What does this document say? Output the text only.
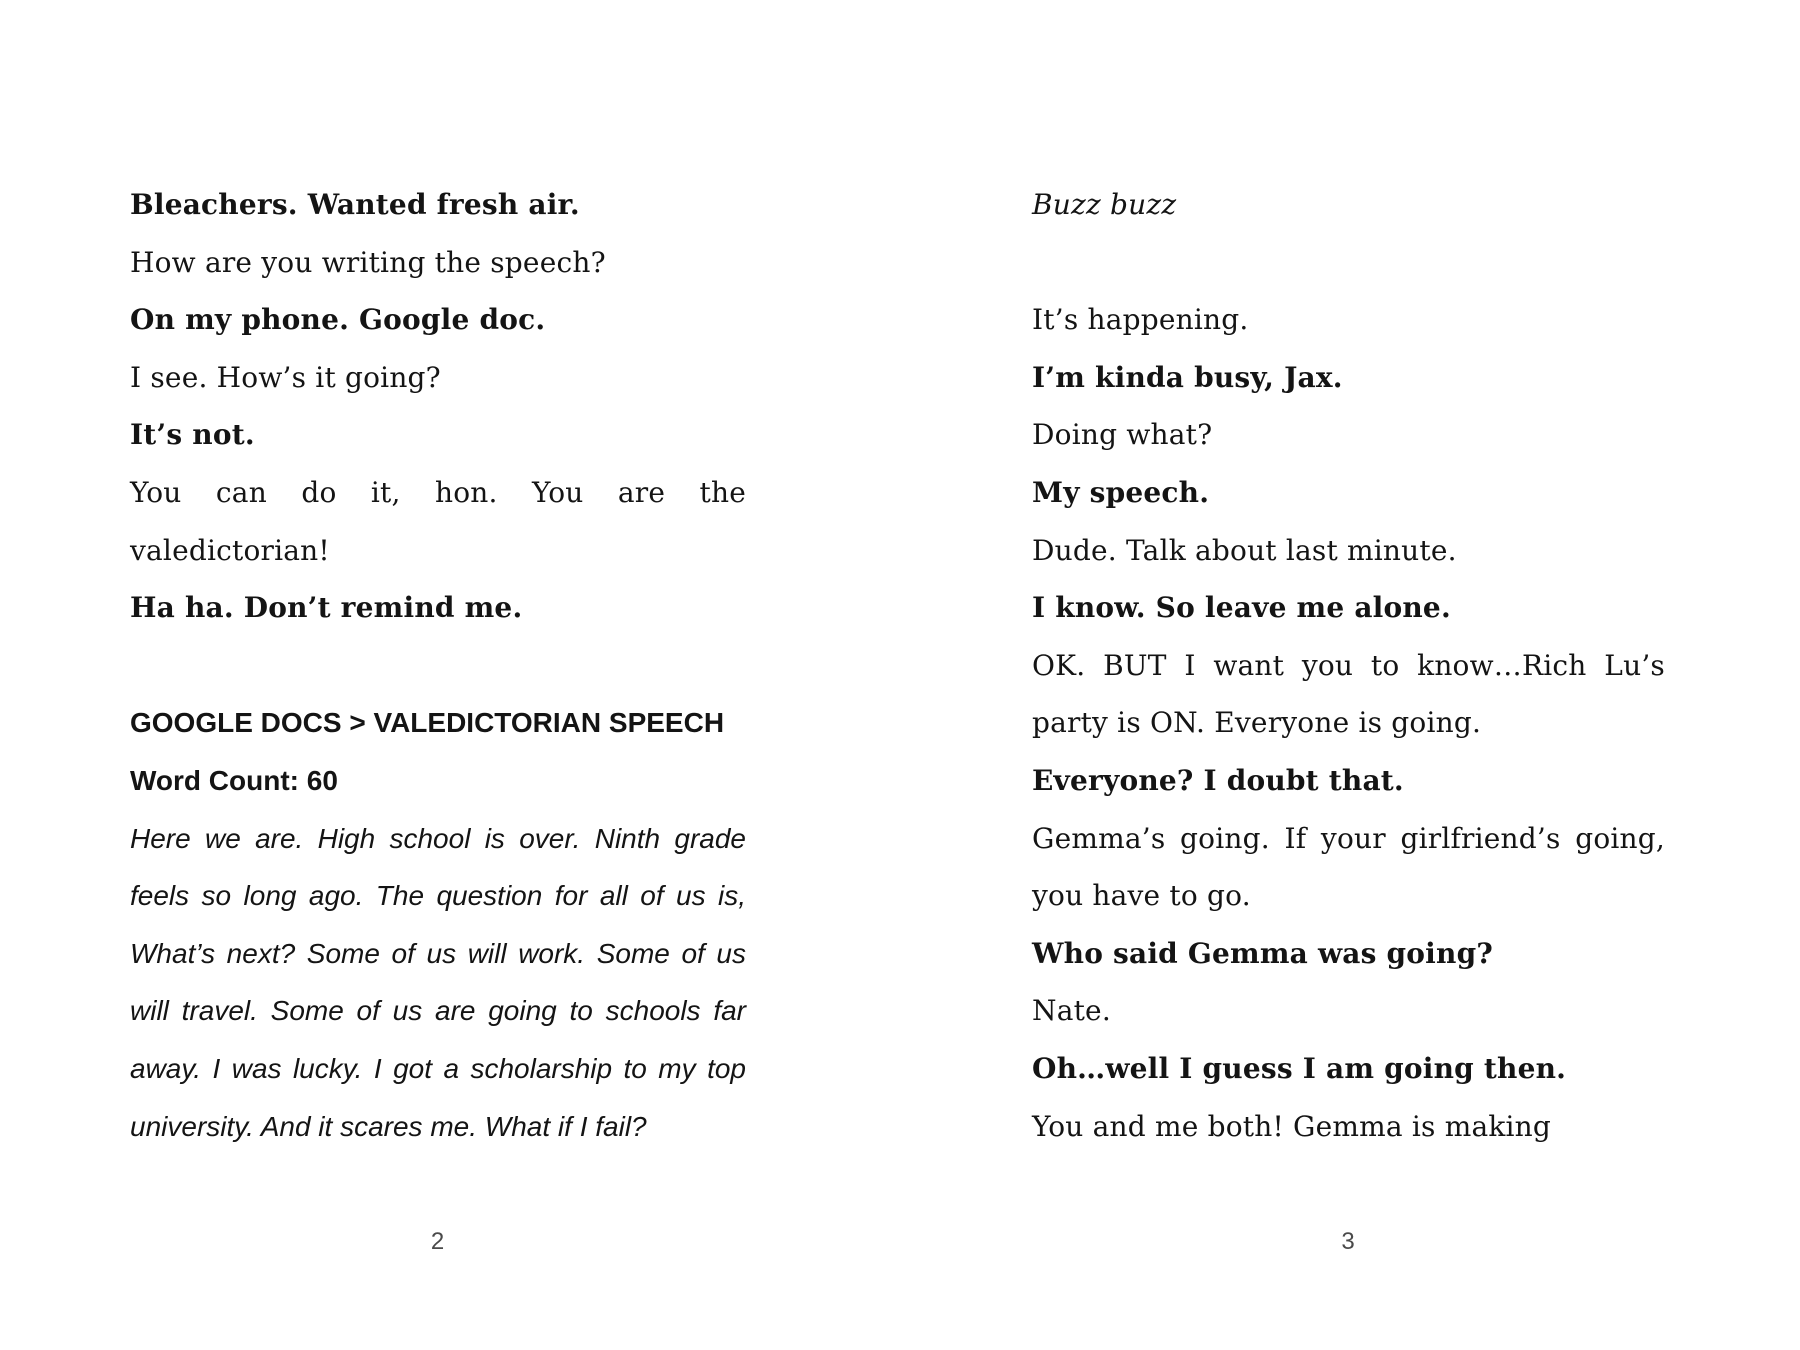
Bleachers. Wanted fresh air.

How are you writing the speech?

On my phone. Google doc.

I see. How’s it going?

It’s not.

You can do it, hon. You are the valedictorian!

Ha ha. Don’t remind me.

GOOGLE DOCS > VALEDICTORIAN SPEECH

Word Count: 60

Here we are. High school is over. Ninth grade feels so long ago. The question for all of us is, What’s next? Some of us will work. Some of us will travel. Some of us are going to schools far away. I was lucky. I got a scholarship to my top university. And it scares me. What if I fail?

2

Buzz buzz

It’s happening.

I’m kinda busy, Jax.

Doing what?

My speech.

Dude. Talk about last minute.

I know. So leave me alone.

OK. BUT I want you to know…Rich Lu’s party is ON. Everyone is going.

Everyone? I doubt that.

Gemma’s going. If your girlfriend’s going, you have to go.

Who said Gemma was going?

Nate.

Oh…well I guess I am going then.

You and me both! Gemma is making

3
